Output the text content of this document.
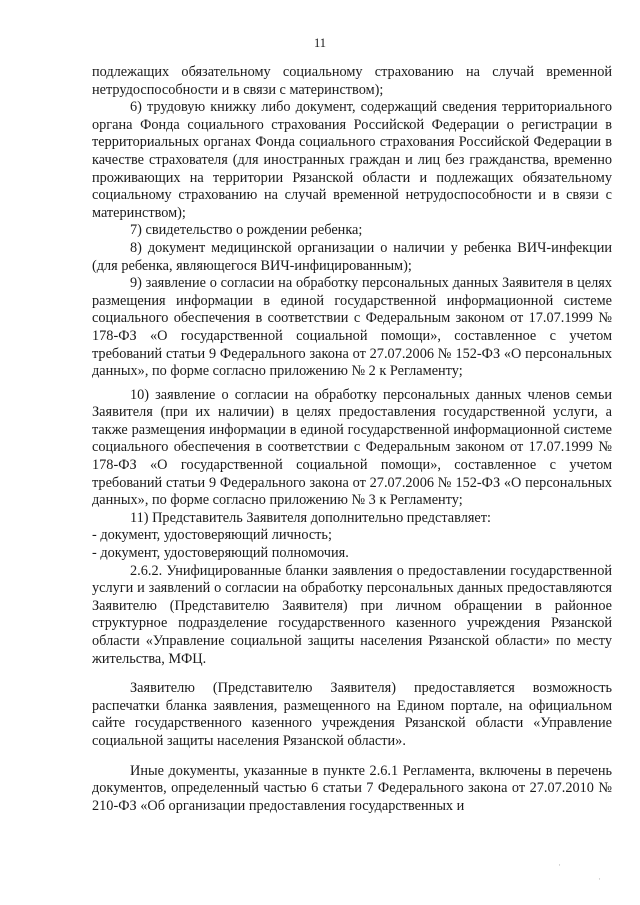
11

подлежащих обязательному социальному страхованию на случай временной нетрудоспособности и в связи с материнством);

6) трудовую книжку либо документ, содержащий сведения территориального органа Фонда социального страхования Российской Федерации о регистрации в территориальных органах Фонда социального страхования Российской Федерации в качестве страхователя (для иностранных граждан и лиц без гражданства, временно проживающих на территории Рязанской области и подлежащих обязательному социальному страхованию на случай временной нетрудоспособности и в связи с материнством);

7) свидетельство о рождении ребенка;

8) документ медицинской организации о наличии у ребенка ВИЧ-инфекции (для ребенка, являющегося ВИЧ-инфицированным);

9) заявление о согласии на обработку персональных данных Заявителя в целях размещения информации в единой государственной информационной системе социального обеспечения в соответствии с Федеральным законом от 17.07.1999 № 178-ФЗ «О государственной социальной помощи», составленное с учетом требований статьи 9 Федерального закона от 27.07.2006 № 152-ФЗ «О персональных данных», по форме согласно приложению № 2 к Регламенту;

10) заявление о согласии на обработку персональных данных членов семьи Заявителя (при их наличии) в целях предоставления государственной услуги, а также размещения информации в единой государственной информационной системе социального обеспечения в соответствии с Федеральным законом от 17.07.1999 № 178-ФЗ «О государственной социальной помощи», составленное с учетом требований статьи 9 Федерального закона от 27.07.2006 № 152-ФЗ «О персональных данных», по форме согласно приложению № 3 к Регламенту;

11) Представитель Заявителя дополнительно представляет:

- документ, удостоверяющий личность;

- документ, удостоверяющий полномочия.

2.6.2. Унифицированные бланки заявления о предоставлении государственной услуги и заявлений о согласии на обработку персональных данных предоставляются Заявителю (Представителю Заявителя) при личном обращении в районное структурное подразделение государственного казенного учреждения Рязанской области «Управление социальной защиты населения Рязанской области» по месту жительства, МФЦ.

Заявителю (Представителю Заявителя) предоставляется возможность распечатки бланка заявления, размещенного на Едином портале, на официальном сайте государственного казенного учреждения Рязанской области «Управление социальной защиты населения Рязанской области».

Иные документы, указанные в пункте 2.6.1 Регламента, включены в перечень документов, определенный частью 6 статьи 7 Федерального закона от 27.07.2010 № 210-ФЗ «Об организации предоставления государственных и

·
·
